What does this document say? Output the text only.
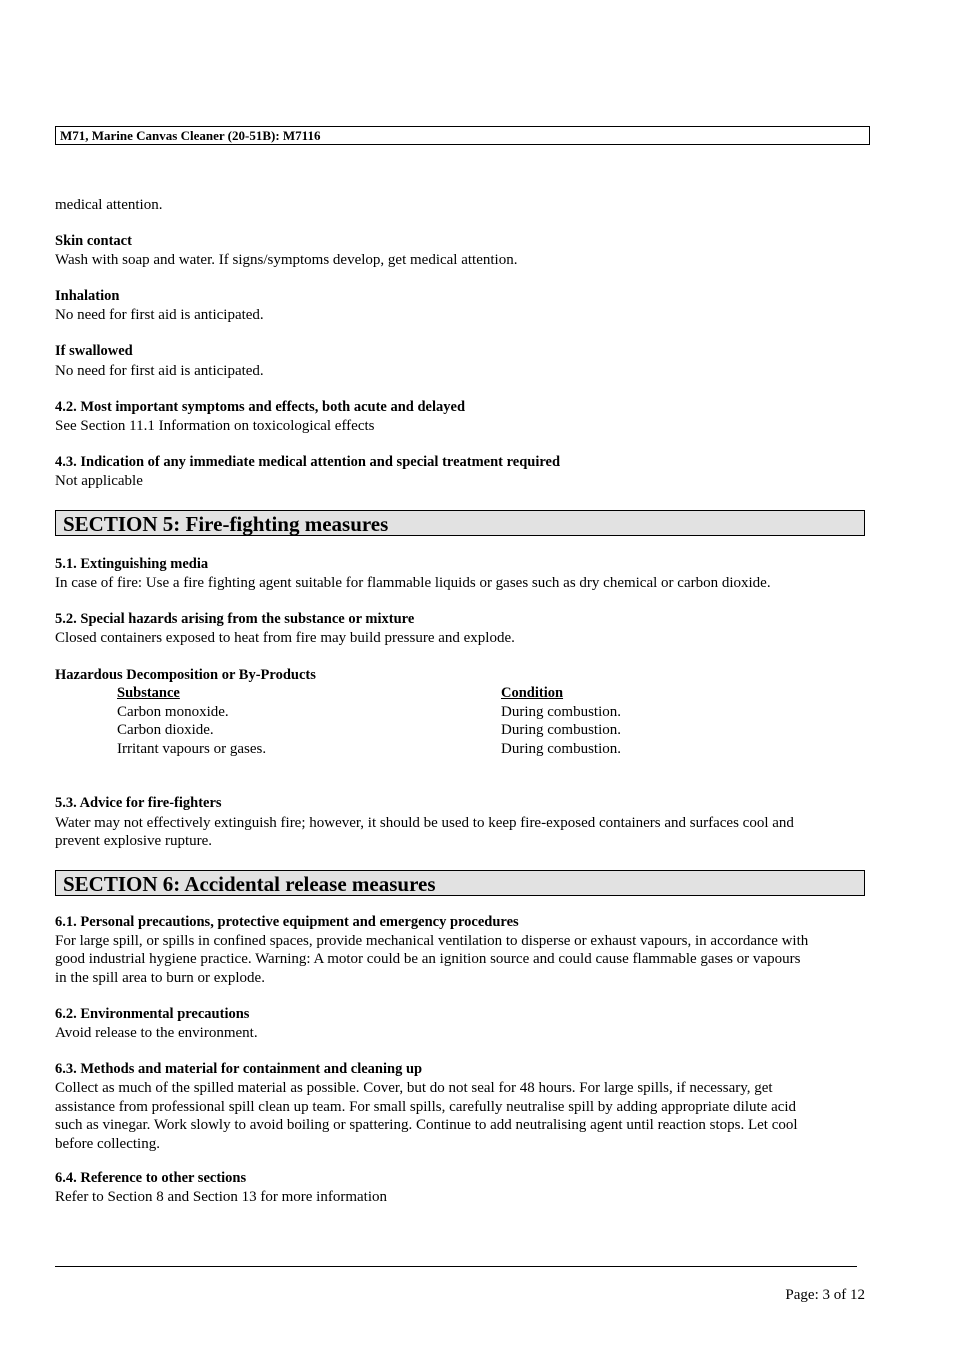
M71, Marine Canvas Cleaner (20-51B): M7116
medical attention.
Skin contact
Wash with soap and water. If signs/symptoms develop, get medical attention.
Inhalation
No need for first aid is anticipated.
If swallowed
No need for first aid is anticipated.
4.2. Most important symptoms and effects, both acute and delayed
See Section 11.1 Information on toxicological effects
4.3. Indication of any immediate medical attention and special treatment required
Not applicable
SECTION 5: Fire-fighting measures
5.1. Extinguishing media
In case of fire: Use a fire fighting agent suitable for flammable liquids or gases such as dry chemical or carbon dioxide.
5.2. Special hazards arising from the substance or mixture
Closed containers exposed to heat from fire may build pressure and explode.
Hazardous Decomposition or By-Products
Substance	Condition
Carbon monoxide.	During combustion.
Carbon dioxide.	During combustion.
Irritant vapours or gases.	During combustion.
5.3. Advice for fire-fighters
Water may not effectively extinguish fire; however, it should be used to keep fire-exposed containers and surfaces cool and
prevent explosive rupture.
SECTION 6: Accidental release measures
6.1. Personal precautions, protective equipment and emergency procedures
For large spill, or spills in confined spaces, provide mechanical ventilation to disperse or exhaust vapours, in accordance with
good industrial hygiene practice. Warning: A motor could be an ignition source and could cause flammable gases or vapours
in the spill area to burn or explode.
6.2. Environmental precautions
Avoid release to the environment.
6.3. Methods and material for containment and cleaning up
Collect as much of the spilled material as possible. Cover, but do not seal for 48 hours. For large spills, if necessary, get
assistance from professional spill clean up team. For small spills, carefully neutralise spill by adding appropriate dilute acid
such as vinegar. Work slowly to avoid boiling or spattering. Continue to add neutralising agent until reaction stops. Let cool
before collecting.
6.4. Reference to other sections
Refer to Section 8 and Section 13 for more information
Page: 3 of 12
